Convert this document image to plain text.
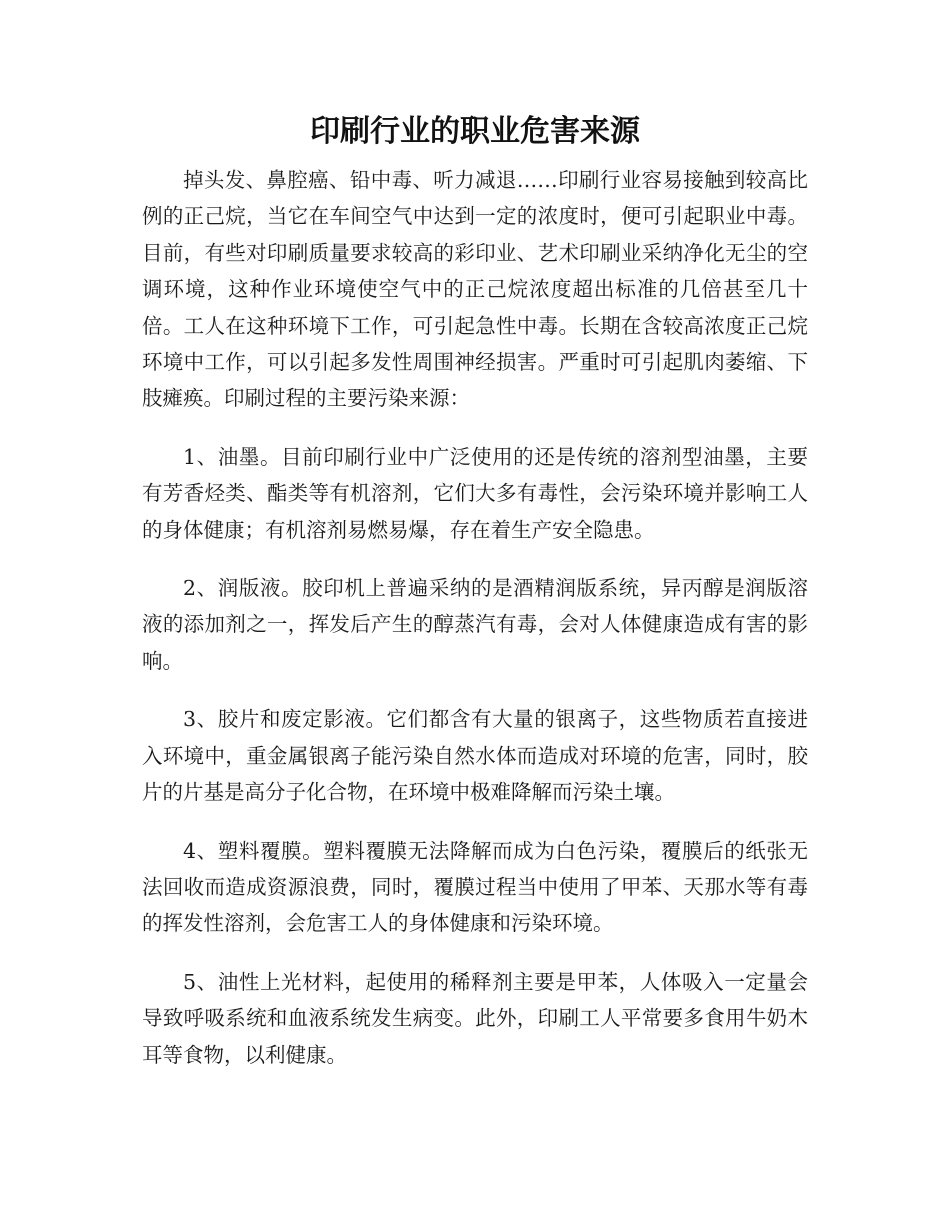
印刷行业的职业危害来源

掉头发、鼻腔癌、铅中毒、听力减退……印刷行业容易接触到较高比例的正己烷，当它在车间空气中达到一定的浓度时，便可引起职业中毒。目前，有些对印刷质量要求较高的彩印业、艺术印刷业采纳净化无尘的空调环境，这种作业环境使空气中的正己烷浓度超出标准的几倍甚至几十倍。工人在这种环境下工作，可引起急性中毒。长期在含较高浓度正己烷环境中工作，可以引起多发性周围神经损害。严重时可引起肌肉萎缩、下肢瘫痪。印刷过程的主要污染来源：

1、油墨。目前印刷行业中广泛使用的还是传统的溶剂型油墨，主要有芳香烃类、酯类等有机溶剂，它们大多有毒性，会污染环境并影响工人的身体健康；有机溶剂易燃易爆，存在着生产安全隐患。

2、润版液。胶印机上普遍采纳的是酒精润版系统，异丙醇是润版溶液的添加剂之一，挥发后产生的醇蒸汽有毒，会对人体健康造成有害的影响。

3、胶片和废定影液。它们都含有大量的银离子，这些物质若直接进入环境中，重金属银离子能污染自然水体而造成对环境的危害，同时，胶片的片基是高分子化合物，在环境中极难降解而污染土壤。

4、塑料覆膜。塑料覆膜无法降解而成为白色污染，覆膜后的纸张无法回收而造成资源浪费，同时，覆膜过程当中使用了甲苯、天那水等有毒的挥发性溶剂，会危害工人的身体健康和污染环境。

5、油性上光材料，起使用的稀释剂主要是甲苯，人体吸入一定量会导致呼吸系统和血液系统发生病变。此外，印刷工人平常要多食用牛奶木耳等食物，以利健康。
